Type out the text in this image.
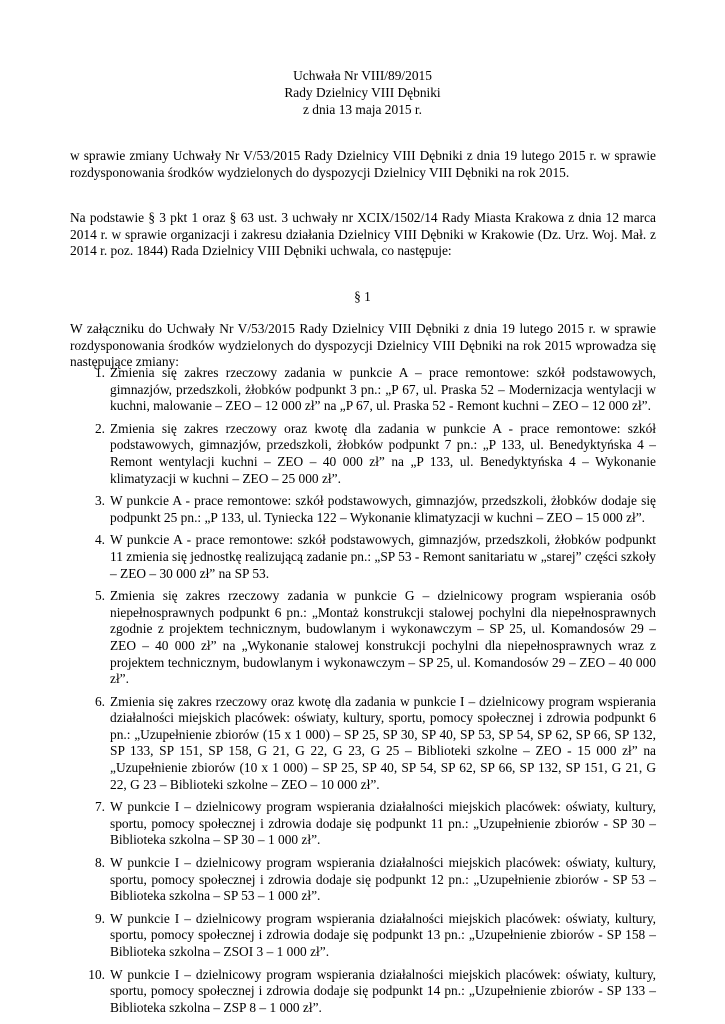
Uchwała Nr VIII/89/2015
Rady Dzielnicy VIII Dębniki
z dnia 13 maja 2015 r.
w sprawie zmiany Uchwały Nr V/53/2015 Rady Dzielnicy VIII Dębniki z dnia 19 lutego 2015 r. w sprawie rozdysponowania środków wydzielonych do dyspozycji Dzielnicy VIII Dębniki na rok 2015.
Na podstawie § 3 pkt 1 oraz § 63 ust. 3 uchwały nr XCIX/1502/14 Rady Miasta Krakowa z dnia 12 marca 2014 r. w sprawie organizacji i zakresu działania Dzielnicy VIII Dębniki w Krakowie (Dz. Urz. Woj. Mał. z 2014 r. poz. 1844) Rada Dzielnicy VIII Dębniki uchwala, co następuje:
§ 1
W załączniku do Uchwały Nr V/53/2015 Rady Dzielnicy VIII Dębniki z dnia 19 lutego 2015 r. w sprawie rozdysponowania środków wydzielonych do dyspozycji Dzielnicy VIII Dębniki na rok 2015 wprowadza się następujące zmiany:
1. Zmienia się zakres rzeczowy zadania w punkcie A – prace remontowe: szkół podstawowych, gimnazjów, przedszkoli, żłobków podpunkt 3 pn.: „P 67, ul. Praska 52 – Modernizacja wentylacji w kuchni, malowanie – ZEO – 12 000 zł” na „P 67, ul. Praska 52 - Remont kuchni – ZEO – 12 000 zł”.
2. Zmienia się zakres rzeczowy oraz kwotę dla zadania w punkcie A - prace remontowe: szkół podstawowych, gimnazjów, przedszkoli, żłobków podpunkt 7 pn.: „P 133, ul. Benedyktyńska 4 – Remont wentylacji kuchni – ZEO – 40 000 zł” na „P 133, ul. Benedyktyńska 4 – Wykonanie klimatyzacji w kuchni – ZEO – 25 000 zł”.
3. W punkcie A - prace remontowe: szkół podstawowych, gimnazjów, przedszkoli, żłobków dodaje się podpunkt 25 pn.: „P 133, ul. Tyniecka 122 – Wykonanie klimatyzacji w kuchni – ZEO – 15 000 zł”.
4. W punkcie A - prace remontowe: szkół podstawowych, gimnazjów, przedszkoli, żłobków podpunkt 11 zmienia się jednostkę realizującą zadanie pn.: „SP 53 - Remont sanitariatu w „starej” części szkoły – ZEO – 30 000 zł” na SP 53.
5. Zmienia się zakres rzeczowy zadania w punkcie G – dzielnicowy program wspierania osób niepełnosprawnych podpunkt 6 pn.: „Montaż konstrukcji stalowej pochylni dla niepełnosprawnych zgodnie z projektem technicznym, budowlanym i wykonawczym – SP 25, ul. Komandosów 29 – ZEO – 40 000 zł” na „Wykonanie stalowej konstrukcji pochylni dla niepełnosprawnych wraz z projektem technicznym, budowlanym i wykonawczym – SP 25, ul. Komandosów 29 – ZEO – 40 000 zł”.
6. Zmienia się zakres rzeczowy oraz kwotę dla zadania w punkcie I – dzielnicowy program wspierania działalności miejskich placówek: oświaty, kultury, sportu, pomocy społecznej i zdrowia podpunkt 6 pn.: „Uzupełnienie zbiorów (15 x 1 000) – SP 25, SP 30, SP 40, SP 53, SP 54, SP 62, SP 66, SP 132, SP 133, SP 151, SP 158, G 21, G 22, G 23, G 25 – Biblioteki szkolne – ZEO - 15 000 zł” na „Uzupełnienie zbiorów (10 x 1 000) – SP 25, SP 40, SP 54, SP 62, SP 66, SP 132, SP 151, G 21, G 22, G 23 – Biblioteki szkolne – ZEO – 10 000 zł”.
7. W punkcie I – dzielnicowy program wspierania działalności miejskich placówek: oświaty, kultury, sportu, pomocy społecznej i zdrowia dodaje się podpunkt 11 pn.: „Uzupełnienie zbiorów - SP 30 – Biblioteka szkolna – SP 30 – 1 000 zł”.
8. W punkcie I – dzielnicowy program wspierania działalności miejskich placówek: oświaty, kultury, sportu, pomocy społecznej i zdrowia dodaje się podpunkt 12 pn.: „Uzupełnienie zbiorów - SP 53 – Biblioteka szkolna – SP 53 – 1 000 zł”.
9. W punkcie I – dzielnicowy program wspierania działalności miejskich placówek: oświaty, kultury, sportu, pomocy społecznej i zdrowia dodaje się podpunkt 13 pn.: „Uzupełnienie zbiorów - SP 158 – Biblioteka szkolna – ZSOI 3 – 1 000 zł”.
10. W punkcie I – dzielnicowy program wspierania działalności miejskich placówek: oświaty, kultury, sportu, pomocy społecznej i zdrowia dodaje się podpunkt 14 pn.: „Uzupełnienie zbiorów - SP 133 – Biblioteka szkolna – ZSP 8 – 1 000 zł”.
